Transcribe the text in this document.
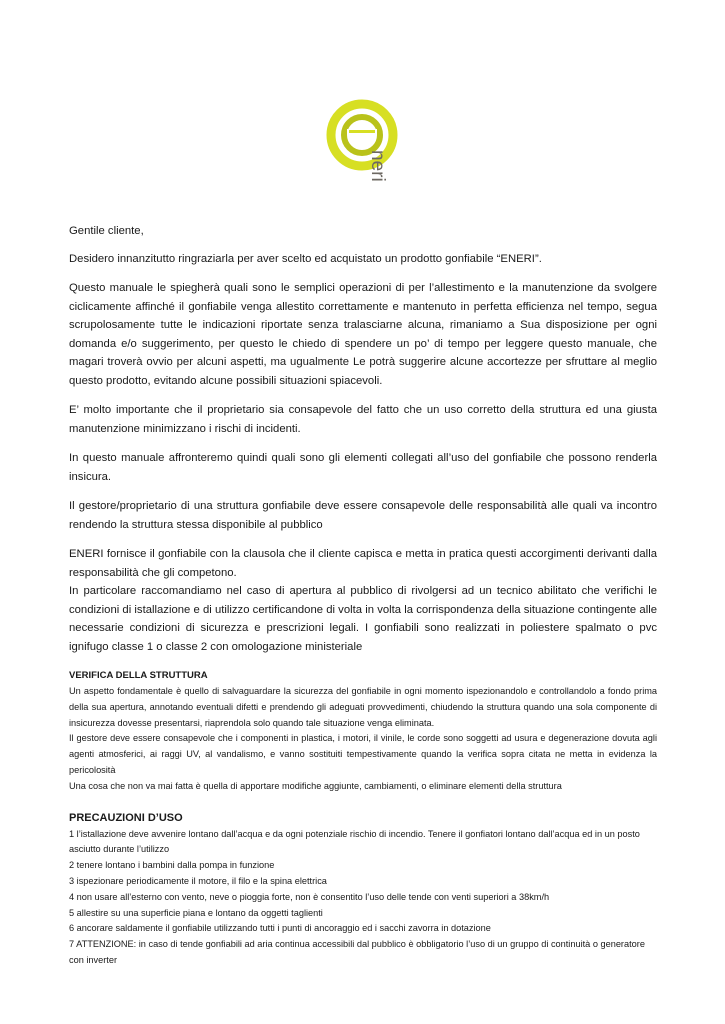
neri

Gentile cliente,

Desidero innanzitutto ringraziarla per aver scelto ed acquistato un prodotto gonfiabile “ENERI”.

Questo manuale le spiegherà quali sono le semplici operazioni di per l’allestimento e la manutenzione da svolgere ciclicamente affinché il gonfiabile venga allestito correttamente e mantenuto in perfetta efficienza nel tempo, segua scrupolosamente tutte le indicazioni riportate senza tralasciarne alcuna, rimaniamo a Sua disposizione per ogni domanda e/o suggerimento, per questo le chiedo di spendere un po’ di tempo per leggere questo manuale, che magari troverà ovvio per alcuni aspetti, ma ugualmente Le potrà suggerire alcune accortezze per sfruttare al meglio questo prodotto, evitando alcune possibili situazioni spiacevoli.

E’ molto importante che il proprietario sia consapevole del fatto che un uso corretto della struttura ed una giusta manutenzione minimizzano i rischi di incidenti.

In questo manuale affronteremo quindi quali sono gli elementi collegati all’uso del gonfiabile che possono renderla insicura.

Il gestore/proprietario di una struttura gonfiabile deve essere consapevole delle responsabilità alle quali va incontro rendendo la struttura stessa disponibile al pubblico

ENERI fornisce il gonfiabile con la clausola che il cliente capisca e metta in pratica questi accorgimenti derivanti dalla responsabilità che gli competono.

In particolare raccomandiamo nel caso di apertura al pubblico di rivolgersi ad un tecnico abilitato che verifichi le condizioni di istallazione e di utilizzo certificandone di volta in volta la corrispondenza della situazione contingente alle necessarie condizioni di sicurezza e prescrizioni legali. I gonfiabili sono realizzati in poliestere spalmato o pvc ignifugo classe 1 o classe 2 con omologazione ministeriale

VERIFICA DELLA STRUTTURA

Un aspetto fondamentale è quello di salvaguardare la sicurezza del gonfiabile in ogni momento ispezionandolo e controllandolo a fondo prima della sua apertura, annotando eventuali difetti e prendendo gli adeguati provvedimenti, chiudendo la struttura quando una sola componente di insicurezza dovesse presentarsi, riaprendola solo quando tale situazione venga eliminata.

Il gestore deve essere consapevole che i componenti in plastica, i motori, il vinile, le corde sono soggetti ad usura e degenerazione dovuta agli agenti atmosferici, ai raggi UV, al vandalismo, e vanno sostituiti tempestivamente quando la verifica sopra citata ne metta in evidenza la pericolosità

Una cosa che non va mai fatta è quella di apportare modifiche aggiunte, cambiamenti, o eliminare elementi della struttura

PRECAUZIONI D’USO

1 l’istallazione deve avvenire lontano dall’acqua e da ogni potenziale rischio di incendio. Tenere il gonfiatori lontano dall’acqua ed in un posto asciutto durante l’utilizzo

2 tenere lontano i bambini dalla pompa in funzione

3 ispezionare periodicamente il motore, il filo e la spina elettrica

4 non usare all’esterno con vento, neve o pioggia forte, non è consentito l’uso delle tende con venti superiori a 38km/h

5 allestire su una superficie piana e lontano da oggetti taglienti

6 ancorare saldamente il gonfiabile utilizzando tutti i punti di ancoraggio ed i sacchi zavorra in dotazione

7 ATTENZIONE: in caso di tende gonfiabili ad aria continua accessibili dal pubblico è obbligatorio l’uso di un gruppo di continuità o generatore con inverter
